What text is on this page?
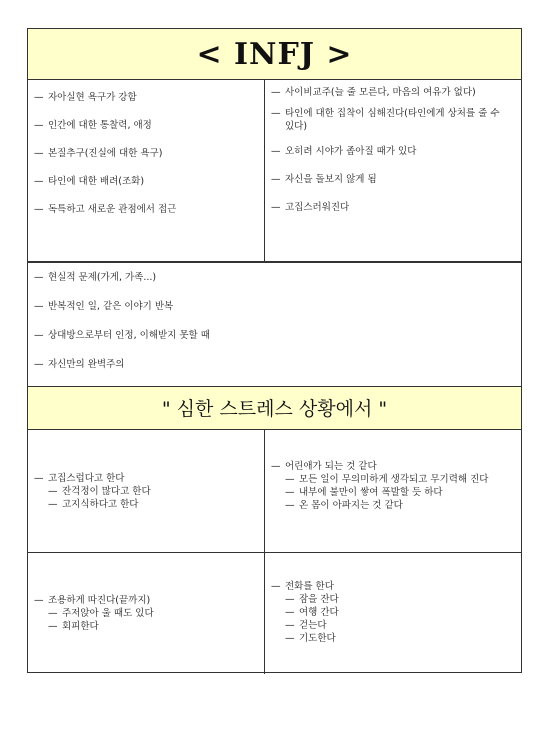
< INFJ >
— 자아실현 욕구가 강함
— 인간에 대한 통찰력, 애정
— 본질추구(진실에 대한 욕구)
— 타인에 대한 배려(조화)
— 독특하고 새로운 관점에서 접근
— 사이비교주(늘 줄 모른다, 마음의 여유가 없다)
— 타인에 대한 집착이 심해진다(타인에게 상처를 줄 수 있다)
— 오히려 시야가 좁아질 때가 있다
— 자신을 돌보지 않게 됨
— 고집스러워진다
— 현실적 문제(가게, 가족...)
— 반복적인 일, 같은 이야기 반복
— 상대방으로부터 인정, 이해받지 못할 때
— 자신만의 완벽주의
" 심한 스트레스 상황에서 "
— 고집스럽다고 한다
— 잔걱정이 많다고 한다
— 고지식하다고 한다
— 어린애가 되는 것 같다
— 모든 일이 무의미하게 생각되고 무기력해 진다
— 내부에 불만이 쌓여 폭발할 듯 하다
— 온 몸이 아파지는 것 같다
— 조용하게 따진다(끝까지)
— 주저앉아 울 때도 있다
— 회피한다
— 전화를 한다
— 잠을 잔다
— 여행 간다
— 걷는다
— 기도한다
